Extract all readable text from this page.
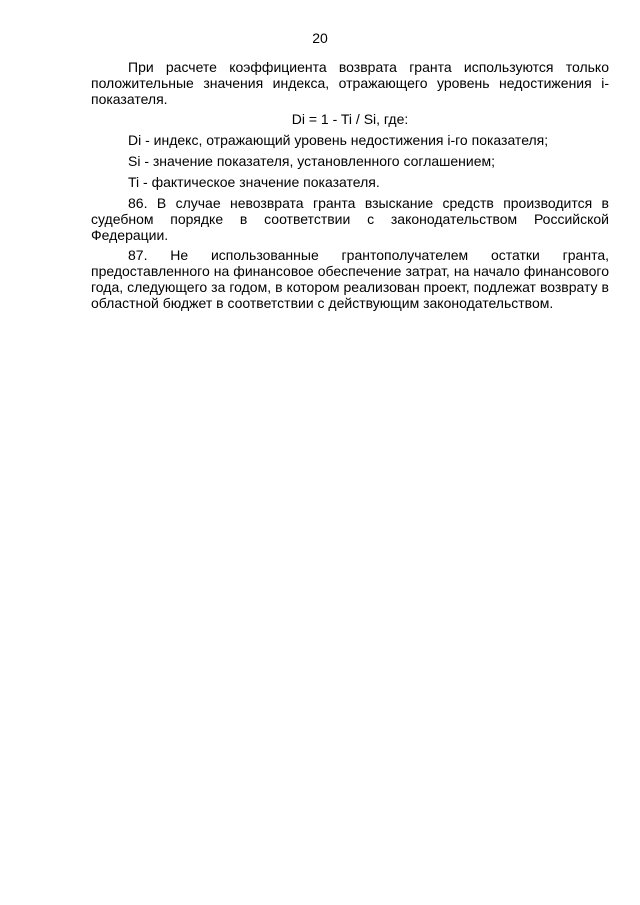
20

При расчете коэффициента возврата гранта используются только положительные значения индекса, отражающего уровень недостижения i-показателя.

Di = 1 - Ti / Si, где:

Di - индекс, отражающий уровень недостижения i-го показателя;

Si - значение показателя, установленного соглашением;

Ti - фактическое значение показателя.

86. В случае невозврата гранта взыскание средств производится в судебном порядке в соответствии с законодательством Российской Федерации.

87. Не использованные грантополучателем остатки гранта, предоставленного на финансовое обеспечение затрат, на начало финансового года, следующего за годом, в котором реализован проект, подлежат возврату в областной бюджет в соответствии с действующим законодательством.
